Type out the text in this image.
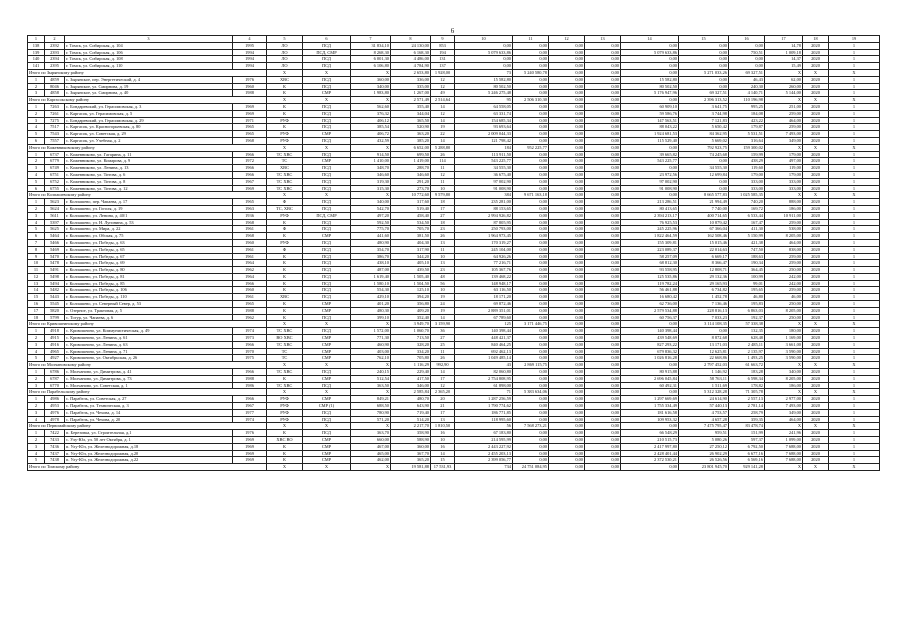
6
1	2	3	4	5	6	7	8	9	10	11	12	13	14	15	16	17	18	19
138	2392	г. Томск, ул. Сибирская, д. 104	1995	ЛО	ПСД	31 834,10	24 130,00	853	0,00	0,00	0,00	0,00	0,00	0,00	0,00	14,78	2020	1
139	2393	г. Томск, ул. Сибирская, д. 106	1994	ЛО	ПСД, СМР	8 268,30	6 168,30	194	5 079 633,86	0,00	0,00	0,00	5 079 633,86	0,00	750,51	1 009,18	2020	1
140	2394	г. Томск, ул. Сибирская, д. 108	1994	ЛО	ПСД	6 001,30	4 486,00	131	0,00	0,00	0,00	0,00	0,00	0,00	0,00	14,37	2020	1
141	2395	г. Томск, ул. Сибирская, д. 110	1994	ЛО	ПСД	6 106,80	4 784,90	137	0,00	0,00	0,00	0,00	0,00	0,00	0,00	15,49	2020	1
Итого по Зырянскому району				Х	Х	Х	2 653,80	1 928,00	73	5 240 580,78	0,00	0,00	0,00	5 271 033,26	69 327,51	Х	Х	Х
1	4859	с. Зырянское, пер. Энергетический, д. 4	1976	ХВС	ПСД	360,00	336,00	12	15 582,80	0,00	0,00	0,00	15 582,80	0,00	46,43	62,00	2020	1
2	8046	с. Зырянское, ул. Смирнова, д. 19	1960	К	ПСД	340,00	335,00	12	80 502,50	0,00	0,00	0,00	80 502,50	0,00	240,30	260,00	2020	1
3	4858	с. Зырянское, ул. Смирнова, д. 40	1988	К	СМР	1 983,80	1 267,00	49	5 246 275,48	0,00	0,00	0,00	5 176 947,96	69 327,51	4 140,71	5 144,00	2020	1
Итого по Каргасокскому району				Х	Х	Х	2 571,49	2 514,64	95	2 506 310,30	0,00	0,00	0,00	2 396 313,52	110 196,98	Х	Х	Х
1	7263	с. Бондаревский, ул. Герасимовская, д. 3	1969	К	ПСД	562,60	355,40	14	64 558,05	0,00	0,00	0,00	60 909,10	3 641,75	995,25	251,00	2020	1
2	7261	с. Каргасок, ул. Герасимовская, д. 5	1969	К	ПСД	376,32	344,04	12	63 331,74	0,00	0,00	0,00	59 586,76	3 744,98	184,08	259,00	2020	1
3	7275	с. Бондаревский, ул. Герасимовская, д. 29	1971	РУФ	ПСД	406,12	365,50	14	154 685,34	0,00	0,00	0,00	147 563,51	7 121,83	423,22	464,00	2020	1
4	7517	с. Каргасок, ул. Красногорьевская, д. 80	1965	К	ПСД	385,54	520,90	19	93 693,64	0,00	0,00	0,00	88 043,22	5 650,42	179,87	259,00	2020	1
5	7543	с. Каргасок, ул. Советская, д. 29	1965	РУФ	СМР	406,72	363,20	22	2 009 044,33	0,00	0,00	0,00	1 924 681,53	84 362,95	5 531,51	7 493,00	2020	1
6	7557	с. Каргасок, ул. Учебная, д. 2	1968	РУФ	ПСД	432,59	385,20	14	121 798,42	0,00	0,00	0,00	115 529,40	5 669,02	316,64	349,00	2020	1
Итого по Кожевниковскому району				Х	Х	Х	6 652,00	5 288,80	184	952 225,77	0,00	0,00	0,00	792 923,75	159 300,02	Х	Х	Х
1	6737	с. Кожевниково, ул. Гагарина, д. 11	1966	ТС ХВС	ПСД	914,50	699,50	26	113 911,50	0,00	0,00	0,00	39 665,82	74 245,68	159,99	179,00	2020	1
2	6779	с. Кожевниково, ул. Комарова, д. 9	1972	ТС	СМР	1 410,00	1 419,00	114	543 225,77	0,00	0,00	0,00	543 225,77	0,00	438,29	497,00	2020	1
3	6749	с. Кожевниково, ул. Ленина, д. 13	1966	ХВС	ПСД	348,70	288,70	11	34 555,30	0,00	0,00	0,00	0,00	34 555,30	119,60	119,00	2020	1
4	6751	с. Кожевниково, ул. Титова, д. 6	1966	ТС ХВС	ПСД	346,60	346,60	12	36 675,40	0,00	0,00	0,00	23 972,56	12 699,84	179,00	179,00	2020	1
5	6752	с. Кожевниково, ул. Титова, д. 8	1967	ТС ХВС	ПСД	319,30	291,20	11	97 002,90	0,00	0,00	0,00	97 002,90	0,00	333,00	333,00	2020	1
6	6755	с. Кожевниково, ул. Титова, д. 12	1969	ТС ХВС	ПСД	315,30	273,70	10	91 008,90	0,00	0,00	0,00	91 008,90	0,00	333,00	333,00	2020	1
Итого по Колпашевскому району				Х	Х	Х	10 772,60	9 579,80	384	9 671 163,18	0,00	0,00	0,00	8 665 577,83	1 025 585,35	Х	Х	Х
1	5623	г. Колпашево, пер. Чапаева, д. 17	1965	Ф	ПСД	340,00	317,60	18	235 281,00	0,00	0,00	0,00	213 286,51	21 994,49	740,20	888,00	2020	1
2	5624	г. Колпашево, ул. Гоголя, д. 19	1963	ТС, ХВС	ПСД	542,70	519,40	17	88 153,65	0,00	0,00	0,00	80 413,65	7 740,00	169,72	186,00	2020	1
3	5611	г. Колпашево, ул. Ленина, д. 40/1	1936	РУФ	ПСД, СМР	497,20	458,40	27	2 994 926,82	0,00	0,00	0,00	2 394 213,17	400 714,65	6 533,44	10 911,00	2020	1
4	5397	г. Колпашево, ул. Н. Лугинина, д. 53	1968	К	ПСД	592,50	534,50	18	87 805,95	0,00	0,00	0,00	76 925,53	10 879,42	167,47	259,00	2020	1
5	5625	г. Колпашево, ул. Мира, д. 22	1961	Ф	ПСД	775,70	705,70	23	250 793,00	0,00	0,00	0,00	245 225,96	67 366,04	411,30	538,00	2020	1
6	5464	г. Колпашево, ул. Обская, д. 75	1968	К	СМР	441,60	381,50	26	1 964 973,45	0,00	0,00	0,00	1 822 464,59	162 508,46	5 150,99	8 205,00	2020	1
7	5466	г. Колпашево, ул. Победы, д. 63	1960	РУФ	ПСД	480,90	404,30	13	170 319,27	0,00	0,00	0,00	155 309,81	15 015,46	421,38	464,00	2020	1
8	5469	г. Колпашево, ул. Победы, д. 65	1961	Ф	ПСД	354,70	317,90	11	245 104,00	0,00	0,00	0,00	223 089,37	22 014,63	747,50	838,00	2020	1
9	5470	г. Колпашево, ул. Победы, д. 67	1961	К	ПСД	386,70	344,20	10	64 926,26	0,00	0,00	0,00	58 257,09	6 669,17	188,63	259,00	2020	1
10	5478	г. Колпашево, ул. Победы, д. 69	1964	К	ПСД	438,10	405,10	13	77 216,71	0,00	0,00	0,00	68 812,30	8 366,47	190,34	259,00	2020	1
11	5491	г. Колпашево, ул. Победы, д. 80	1962	К	ПСД	487,00	439,50	23	105 367,76	0,00	0,00	0,00	93 558,95	12 808,71	364,45	250,00	2020	1
12	5498	г. Колпашево, ул. Победы, д. 81	1964	К	ПСД	1 619,40	1 505,40	48	139 468,22	0,00	0,00	0,00	125 535,86	29 132,36	100,99	242,00	2020	1
13	5494	г. Колпашево, ул. Победы, д. 85	1966	К	ПСД	1 580,10	1 504,50	56	148 948,17	0,00	0,00	0,00	119 782,24	29 165,93	99,01	242,00	2020	1
14	5482	г. Колпашево, ул. Победы, д. 106	1960	К	ПСД	554,30	125,10	10	63 116,50	0,00	0,00	0,00	56 461,88	6 734,82	195,65	259,00	2020	1
15	5443	г. Колпашево, ул. Победы, д. 110	1961	ХВС	ПСД	429,10	394,20	19	18 171,20	0,00	0,00	0,00	16 680,42	1 452,78	46,80	46,00	2020	1
16	5545	г. Колпашево, ул. Северный Север, д. 53	1965	К	СМР	401,20	356,80	24	69 872,46	0,00	0,00	0,00	62 736,00	7 136,46	195,83	250,00	2020	1
17	5820	с. Озерное, ул. Трактовая, д. 5	1988	К	СМР	480,30	409,20	19	2 889 351,01	0,00	0,00	0,00	2 579 534,88	228 816,13	6 863,03	8 205,00	2020	1
18	5799	с. Тогур, ул. Чапаева, д. 6	1962	К	ПСД	399,10	352,40	14	67 789,60	0,00	0,00	0,00	60 756,37	7 033,23	192,37	250,00	2020	1
Итого по Кривошеинскому району				Х	Х	Х	3 949,70	3 159,90	125	3 171 446,75	0,00	0,00	0,00	3 114 108,35	57 338,38	Х	Х	Х
1	4918	с. Кривошеино, ул. Коммунистическая, д. 49	1974	ТС ХВС	ПСД	1 572,00	1 060,70	36	140 398,44	0,00	0,00	0,00	140 398,44	0,00	132,35	180,00	2020	1
2	4915	с. Кривошеино, ул. Ленина, д. 61	1973	ВО ХВС	СМР	771,30	713,50	27	448 421,37	0,00	0,00	0,00	439 548,69	8 872,68	628,48	1 169,00	2020	1
3	4916	с. Кривошеино, ул. Ленина, д. 63	1966	ТС ХВС	СМР	460,90	328,20	25	840 464,25	0,00	0,00	0,00	827 293,22	13 171,03	2 485,11	3 661,00	2020	1
4	4965	с. Кривошеино, ул. Ленина, д. 71	1970	ТС	СМР	403,00	334,20	11	692 462,13	0,00	0,00	0,00	679 836,32	12 625,81	2 135,97	3 590,00	2020	1
5	4927	с. Кривошеино, ул. Октябрьская, д. 26	1975	ТС	СМР	762,10	705,80	26	1 049 485,14	0,00	0,00	0,00	1 026 816,28	22 668,86	1 493,25	3 590,00	2020	1
Итого по Молчановскому району				Х	Х	Х	1 116,29	992,90	43	2 869 115,75	0,00	0,00	0,00	2 797 452,03	61 663,72	Х	Х	Х
1	6786	с. Молчаново, ул. Димитрова, д. 41	1966	ТС ХВС	ПСД	240,15	229,40	14	82 060,80	0,00	0,00	0,00	80 915,88	1 146,92	183,28	340,00	2020	1
2	6787	с. Молчаново, ул. Димитрова, д. 73	1988	К	СМР	512,54	417,50	17	2 754 808,95	0,00	0,00	0,00	2 696 045,84	58 763,11	6 598,34	8 205,00	2020	1
3	6770	с. Молчаново, ул. Советская, д. 1	1986	ТС ХВС	ПСД	363,50	346,00	12	61 898,00	0,00	0,00	0,00	60 492,31	1 511,69	178,82	186,00	2020	1
Итого по Парабельскому району				Х	Х	Х	2 585,84	2 365,20	71	5 383 634,06	0,00	0,00	0,00	5 312 328,28	71 305,78	Х	Х	Х
1	4986	с. Парабель, ул. Советская, д. 27	1966	РУФ	СМР	849,21	480,70	20	1 287 256,59	0,00	0,00	0,00	1 297 669,69	24 614,90	2 557,13	2 977,00	2020	1
2	4953	с. Парабель, ул. Техническая, д. 3	1967	РУФ	СМР (1)	688,50	643,90	21	1 790 774,62	0,00	0,00	0,00	1 755 334,49	57 440,13	2 781,14	7 493,00	2020	1
3	4976	с. Парабель, ул. Чехова, д. 14	1977	РУФ	ПСД	780,90	719,40	17	186 771,85	0,00	0,00	0,00	181 616,58	4 753,57	258,79	349,00	2020	1
4	4978	с. Парабель, ул. Чехова, д. 20	1974	РУФ	ПСД	571,20	514,20	13	118 995,60	0,00	0,00	0,00	109 953,32	4 657,28	359,35	464,00	2020	1
Итого по Первомайскому району				Х	Х	Х	2 217,70	1 810,50	56	7 568 273,21	0,00	0,00	0,00	7 475 795,47	83 478,74	Х	Х	Х
1	7422	п. Березовка, ул. Строительная, д.1	1976	К	ПСД	363,70	358,90	16	67 183,80	0,00	0,00	0,00	66 548,29	959,51	151,99	241,96	2020	1
2	7433	с. Улу-Юл, ул. 50 лет Октября, д. 1	1969	ХВС ВО	СМР	660,00	588,90	10	214 595,99	0,00	0,00	0,00	210 515,73	5 080,26	597,37	1 099,00	2020	1
3	7436	п. Улу-Юл, ул. Железнодорожная, д.18	1969	К	СМР	467,00	360,00	16	2 443 227,92	0,00	0,00	0,00	2 417 997,80	27 250,12	6 792,50	7 688,00	2020	1
4	7437	п. Улу-Юл, ул. Железнодорожная, д.20	1969	К	СМР	465,00	367,70	14	2 455 203,13	0,00	0,00	0,00	2 428 401,44	26 902,29	6 677,16	7 688,00	2020	1
5	7438	п. Улу-Юл, ул. Железнодорожная, д.22	1969	К	СМР	462,00	365,20	15	2 399 056,77	0,00	0,00	0,00	2 372 530,21	26 526,56	6 569,16	7 688,00	2020	1
Итого по Томскому району				Х	Х	Х	19 581,88	17 531,93	734	24 751 084,95	0,00	0,00	0,00	23 801 945,70	929 141,28	Х	Х	Х
